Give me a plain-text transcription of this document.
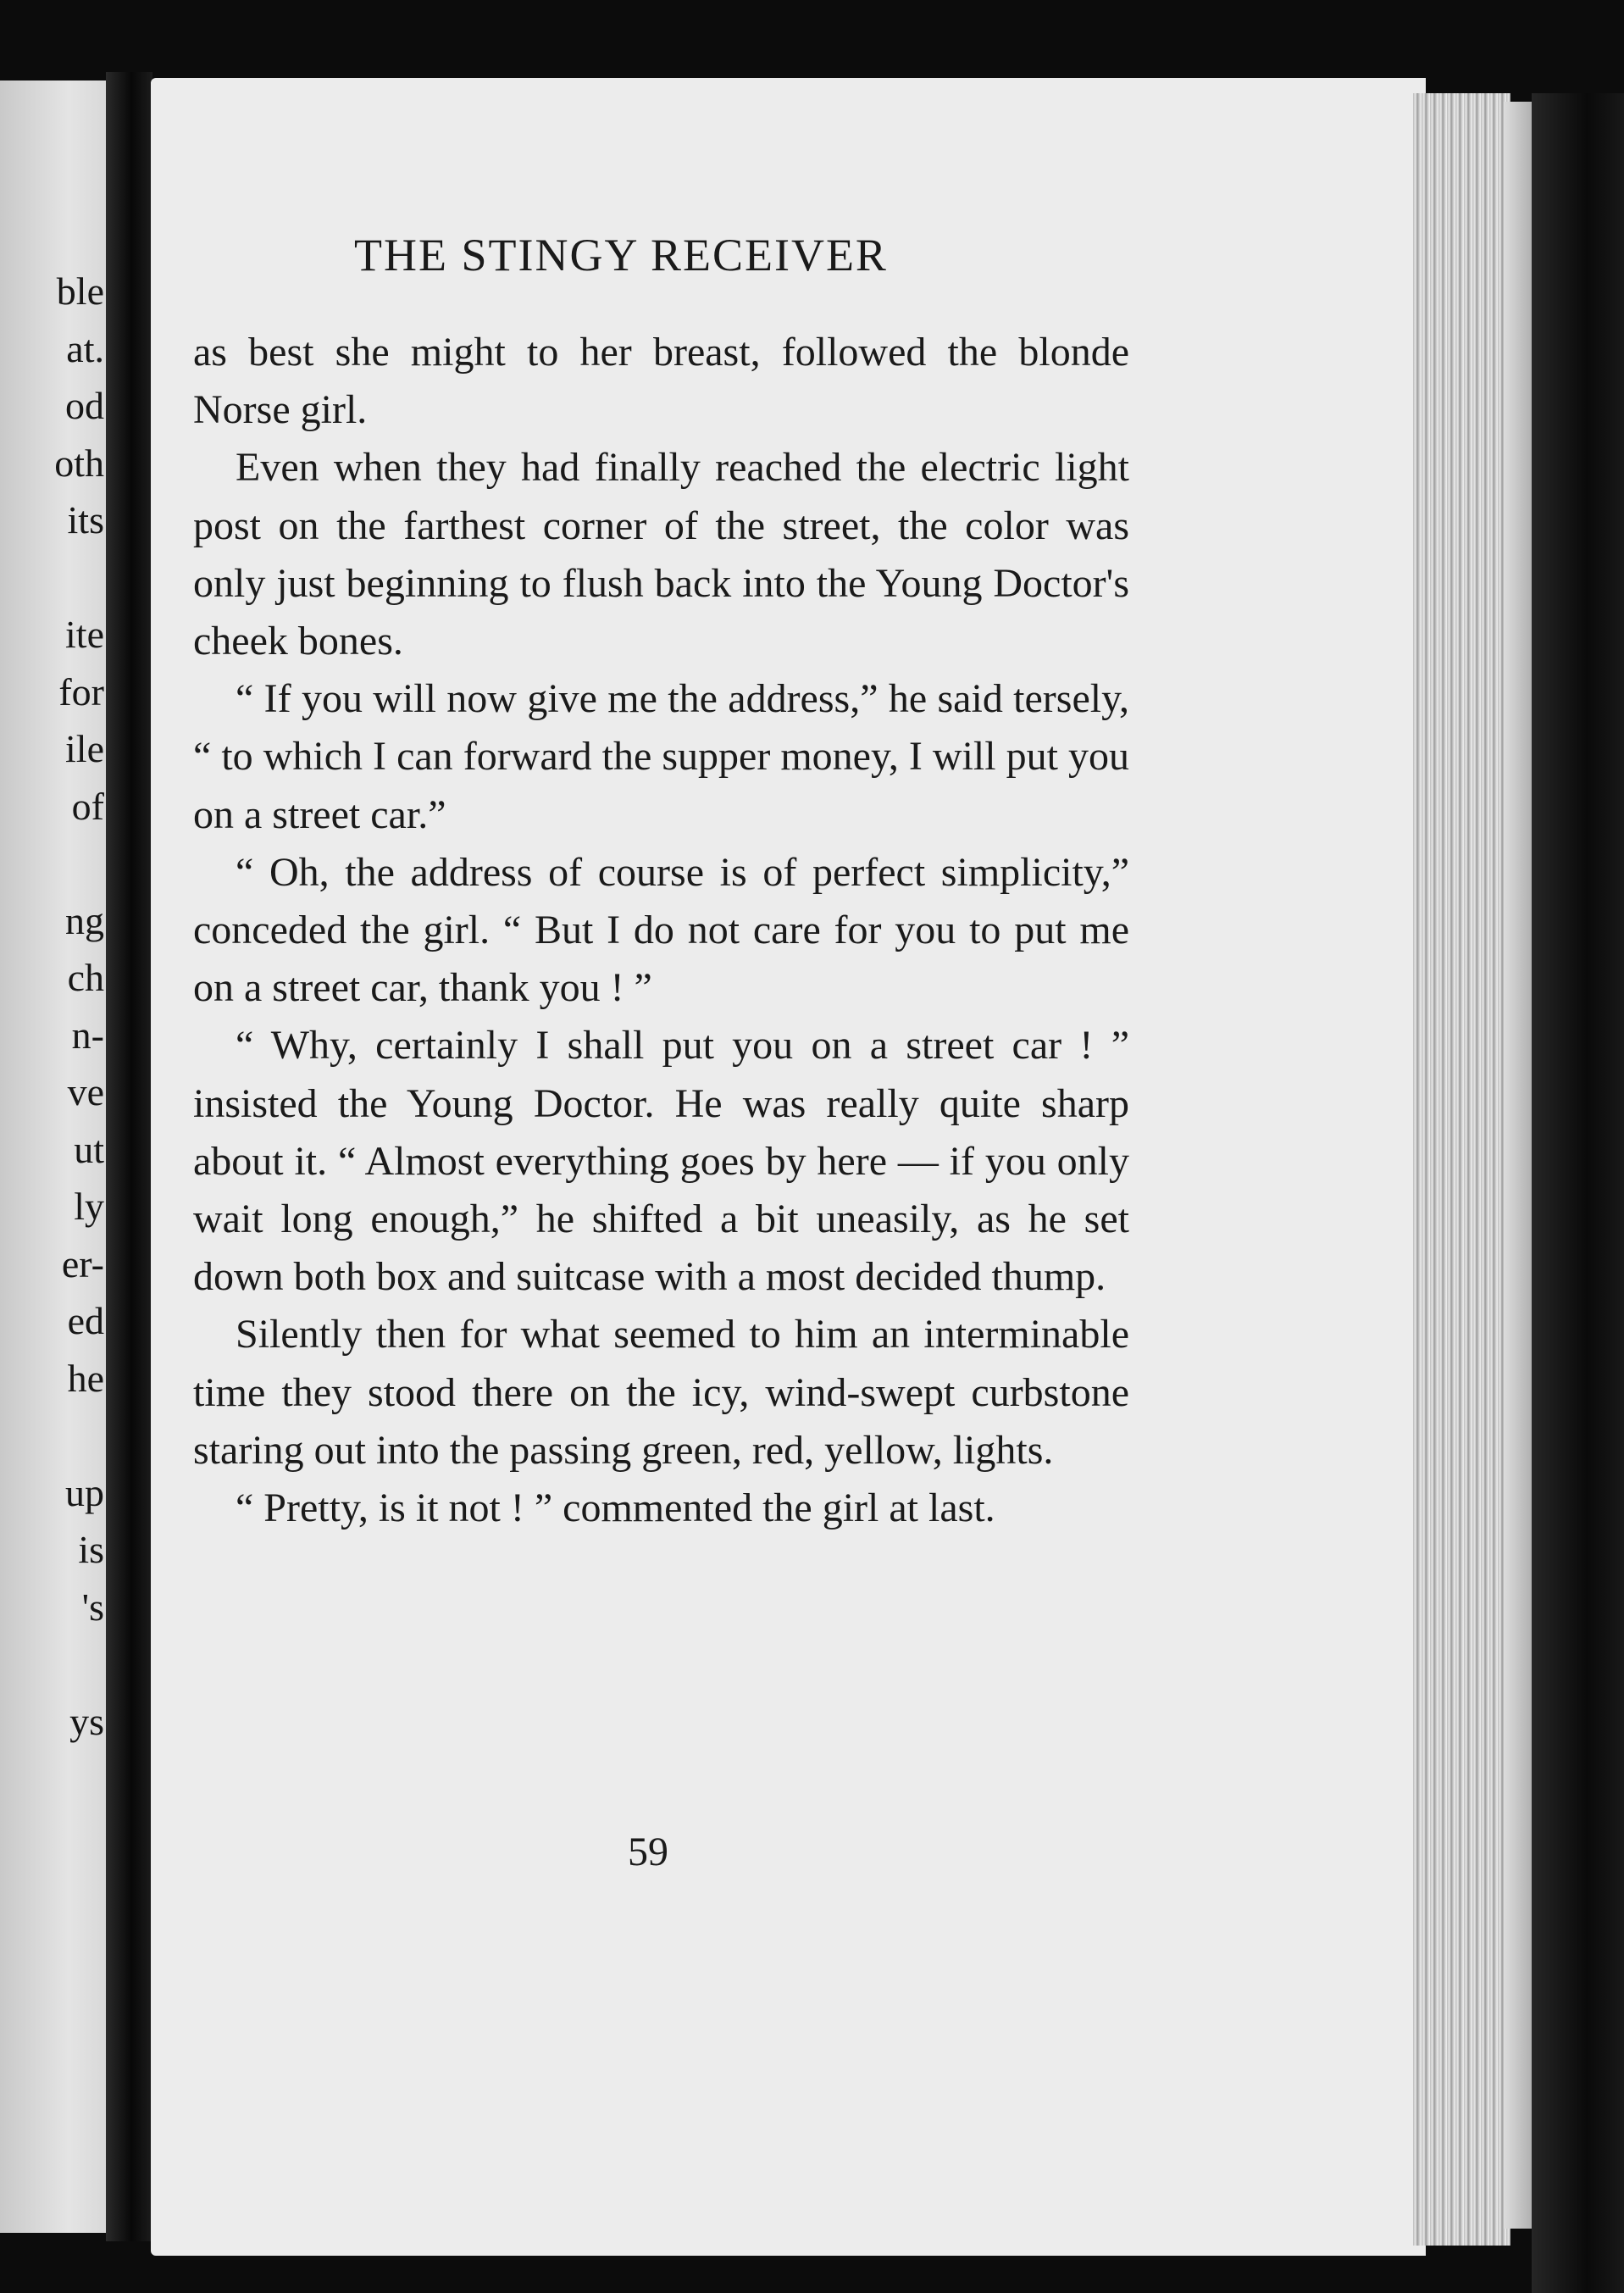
ble
at.
od
oth
its
ite
for
ile
of
ng
ch
n-
ve
ut
ly
er-
ed
he
up
is
's
ys
THE STINGY RECEIVER

as best she might to her breast, followed the blonde Norse girl.

Even when they had finally reached the electric light post on the farthest corner of the street, the color was only just beginning to flush back into the Young Doctor's cheek bones.

“ If you will now give me the address,” he said tersely, “ to which I can forward the supper money, I will put you on a street car.”

“ Oh, the address of course is of perfect simplicity,” conceded the girl. “ But I do not care for you to put me on a street car, thank you ! ”

“ Why, certainly I shall put you on a street car ! ” insisted the Young Doctor. He was really quite sharp about it. “ Almost everything goes by here — if you only wait long enough,” he shifted a bit uneasily, as he set down both box and suitcase with a most decided thump.

Silently then for what seemed to him an interminable time they stood there on the icy, wind-swept curbstone staring out into the passing green, red, yellow, lights.

“ Pretty, is it not ! ” commented the girl at last.

59
